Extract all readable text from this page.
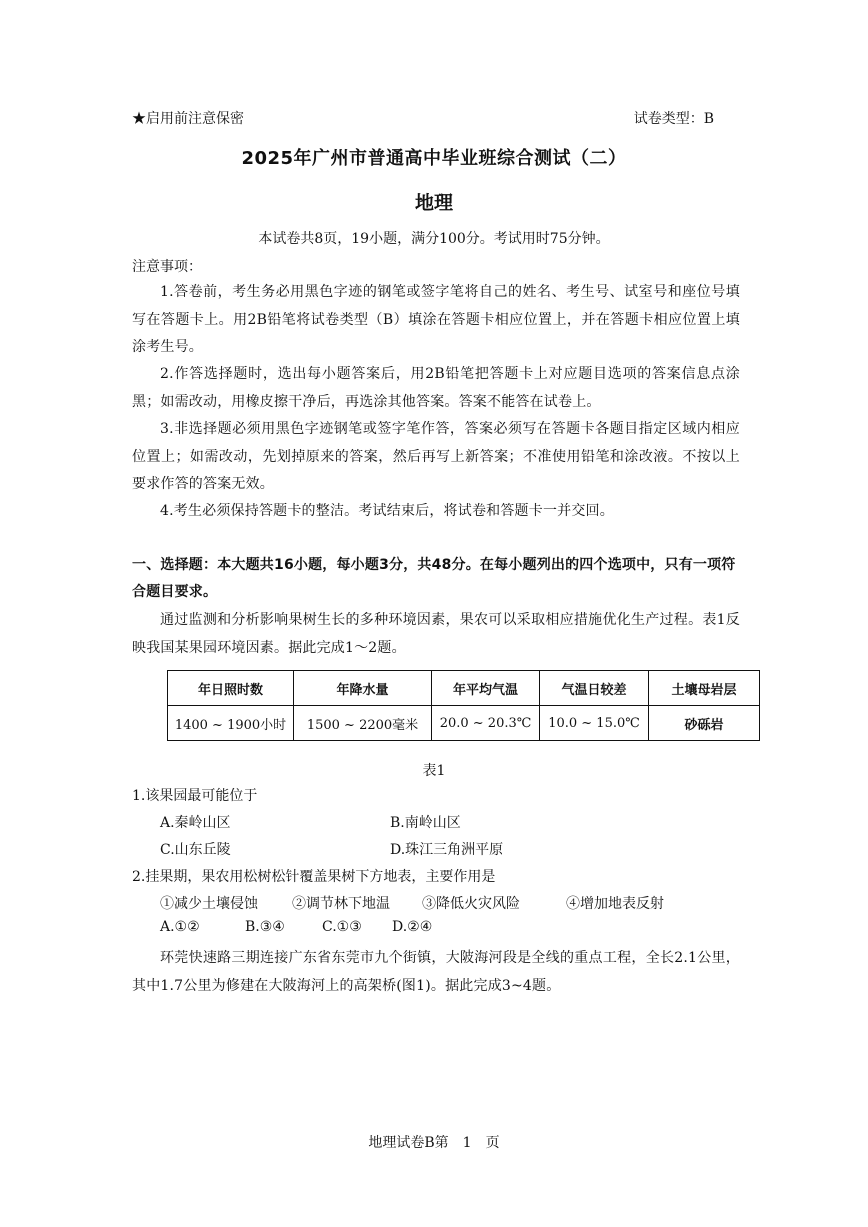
★启用前注意保密	试卷类型：B
2025年广州市普通高中毕业班综合测试（二）
地理
本试卷共8页，19小题，满分100分。考试用时75分钟。
注意事项：
1.答卷前，考生务必用黑色字迹的钢笔或签字笔将自己的姓名、考生号、试室号和座位号填写在答题卡上。用2B铅笔将试卷类型（B）填涂在答题卡相应位置上，并在答题卡相应位置上填涂考生号。
2.作答选择题时，选出每小题答案后，用2B铅笔把答题卡上对应题目选项的答案信息点涂黑；如需改动，用橡皮擦干净后，再选涂其他答案。答案不能答在试卷上。
3.非选择题必须用黑色字迹钢笔或签字笔作答，答案必须写在答题卡各题目指定区域内相应位置上；如需改动，先划掉原来的答案，然后再写上新答案；不准使用铅笔和涂改液。不按以上要求作答的答案无效。
4.考生必须保持答题卡的整洁。考试结束后，将试卷和答题卡一并交回。
一、选择题：本大题共16小题，每小题3分，共48分。在每小题列出的四个选项中，只有一项符合题目要求。
通过监测和分析影响果树生长的多种环境因素，果农可以采取相应措施优化生产过程。表1反映我国某果园环境因素。据此完成1～2题。
年日照时数	年降水量	年平均气温	气温日较差	土壤母岩层
1400 ~ 1900小时	1500 ~ 2200毫米	20.0 ~ 20.3℃	10.0 ~ 15.0℃	砂砾岩
表1
1.该果园最可能位于
A.秦岭山区	B.南岭山区
C.山东丘陵	D.珠江三角洲平原
2.挂果期，果农用松树松针覆盖果树下方地表，主要作用是
①减少土壤侵蚀 ②调节林下地温 ③降低火灾风险	④增加地表反射
A.①②	B.③④	C.①③ D.②④
环莞快速路三期连接广东省东莞市九个街镇，大陂海河段是全线的重点工程，全长2.1公里，其中1.7公里为修建在大陂海河上的高架桥(图1)。据此完成3~4题。
地理试卷B第　1　页
